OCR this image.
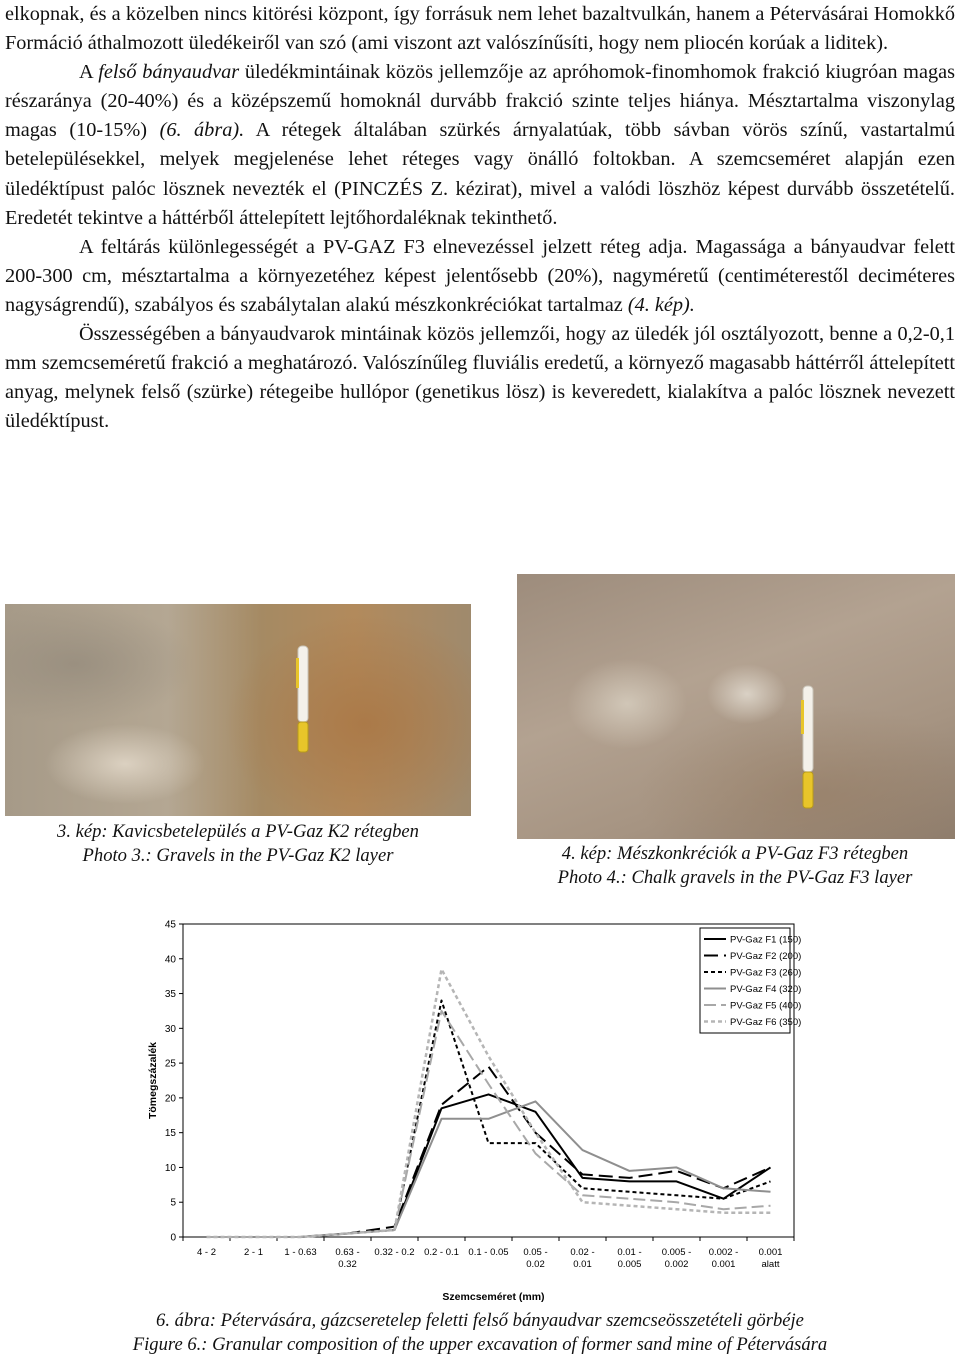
elkopnak, és a közelben nincs kitörési központ, így forrásuk nem lehet bazaltvulkán, hanem a Pétervásárai Homokkő Formáció áthalmozott üledékeiről van szó (ami viszont azt valószínűsíti, hogy nem pliocén korúak a liditek).

A felső bányaudvar üledékmintáinak közös jellemzője az apróhomok-finomhomok frakció kiugróan magas részaránya (20-40%) és a középszemű homoknál durvább frakció szinte teljes hiánya. Mésztartalma viszonylag magas (10-15%) (6. ábra). A rétegek általában szürkés árnyalatúak, több sávban vörös színű, vastartalmú betelepülésekkel, melyek megjelenése lehet réteges vagy önálló foltokban. A szemcseméret alapján ezen üledéktípust palóc lösznek nevezték el (PINCZÉS Z. kézirat), mivel a valódi löszhöz képest durvább összetételű. Eredetét tekintve a háttérből áttelepített lejtőhordaléknak tekinthető.

A feltárás különlegességét a PV-GAZ F3 elnevezéssel jelzett réteg adja. Magassága a bányaudvar felett 200-300 cm, mésztartalma a környezetéhez képest jelentősebb (20%), nagyméretű (centiméterestől deciméteres nagyságrendű), szabályos és szabálytalan alakú mészkonkréciókat tartalmaz (4. kép).

Összességében a bányaudvarok mintáinak közös jellemzői, hogy az üledék jól osztályozott, benne a 0,2-0,1 mm szemcseméretű frakció a meghatározó. Valószínűleg fluviális eredetű, a környező magasabb háttérről áttelepített anyag, melynek felső (szürke) rétegeibe hullópor (genetikus lösz) is keveredett, kialakítva a palóc lösznek nevezett üledéktípust.

3. kép: Kavicsbetelepülés a PV-Gaz K2 rétegben
Photo 3.: Gravels in the PV-Gaz K2 layer	4. kép: Mészkonkréciók a PV-Gaz F3 rétegben
Photo 4.: Chalk gravels in the PV-Gaz F3 layer
0
5
10
15
20
25
30
35
40
45
4 - 2	2 - 1 1 - 0.63 0.63 -
0.32
0.32 - 0.2 0.2 - 0.1 0.1 - 0.05 0.05 -
0.02
0.02 -
0.01
0.01 -
0.005
0.005 -
0.002
0.002 -
0.001
0.001
alatt
Szemcseméret (mm)
Tömegszázalék
PV-Gaz F1 (150)
PV-Gaz F2 (200)
PV-Gaz F3 (260)
PV-Gaz F4 (320)
PV-Gaz F5 (400)
PV-Gaz F6 (350)
6. ábra: Pétervására, gázcseretelep feletti felső bányaudvar szemcseösszetételi görbéje
Figure 6.: Granular composition of the upper excavation of former sand mine of Pétervására
